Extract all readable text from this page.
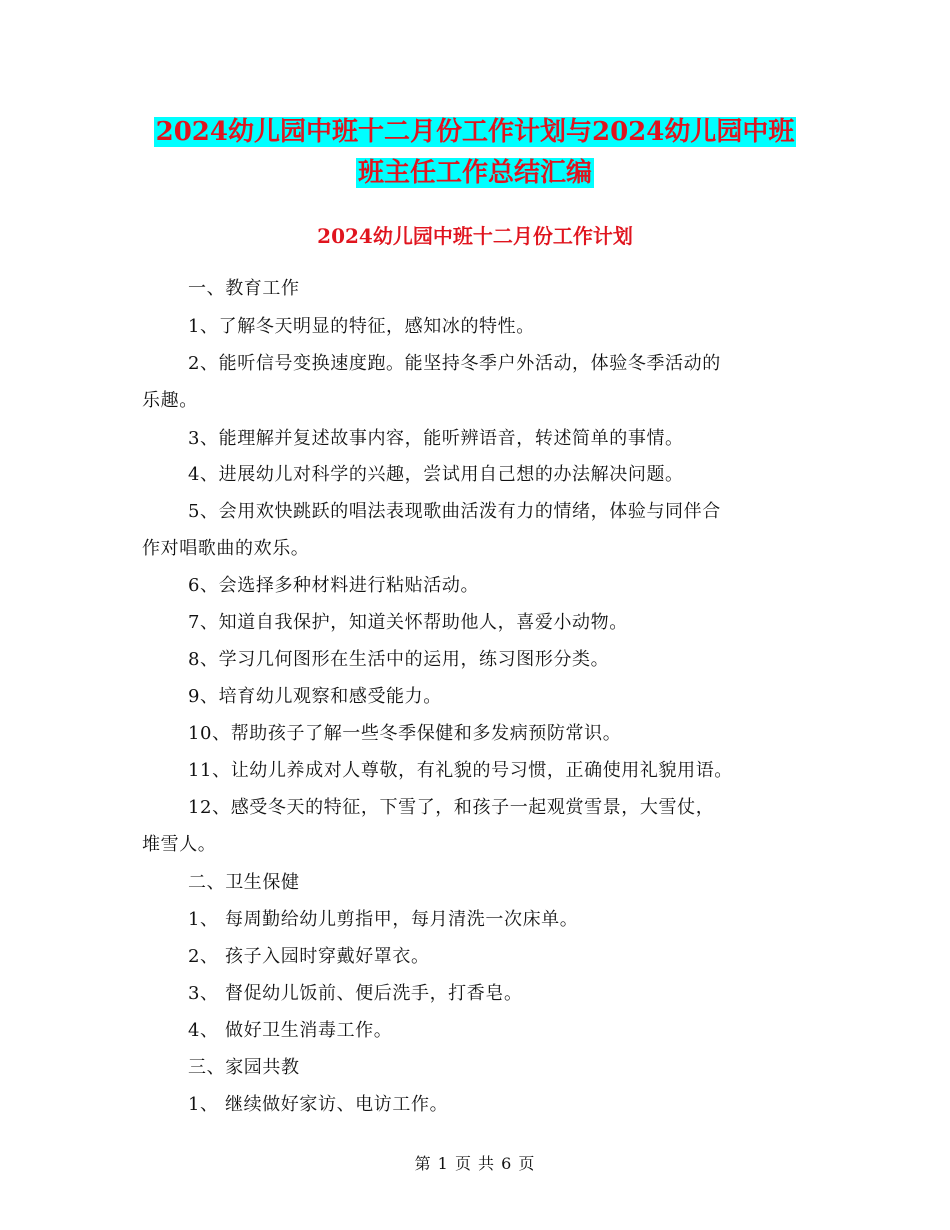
2024幼儿园中班十二月份工作计划与2024幼儿园中班
班主任工作总结汇编
2024幼儿园中班十二月份工作计划
一、教育工作
1、了解冬天明显的特征，感知冰的特性。
2、能听信号变换速度跑。能坚持冬季户外活动，体验冬季活动的
乐趣。
3、能理解并复述故事内容，能听辨语音，转述简单的事情。
4、进展幼儿对科学的兴趣，尝试用自己想的办法解决问题。
5、会用欢快跳跃的唱法表现歌曲活泼有力的情绪，体验与同伴合
作对唱歌曲的欢乐。
6、会选择多种材料进行粘贴活动。
7、知道自我保护，知道关怀帮助他人，喜爱小动物。
8、学习几何图形在生活中的运用，练习图形分类。
9、培育幼儿观察和感受能力。
10、帮助孩子了解一些冬季保健和多发病预防常识。
11、让幼儿养成对人尊敬，有礼貌的号习惯，正确使用礼貌用语。
12、感受冬天的特征，下雪了，和孩子一起观赏雪景，大雪仗，
堆雪人。
二、卫生保健
1、 每周勤给幼儿剪指甲，每月清洗一次床单。
2、 孩子入园时穿戴好罩衣。
3、 督促幼儿饭前、便后洗手，打香皂。
4、 做好卫生消毒工作。
三、家园共教
1、 继续做好家访、电访工作。
第 1 页 共 6 页
